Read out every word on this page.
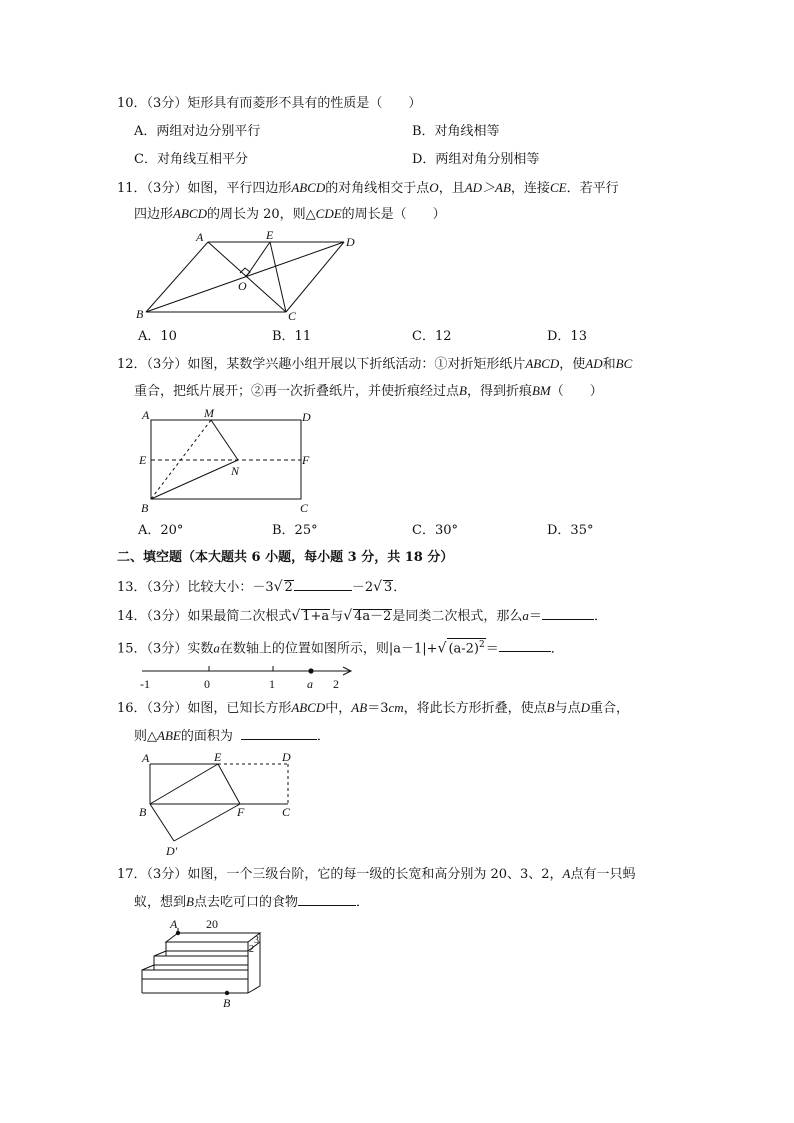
10．（3分）矩形具有而菱形不具有的性质是（　　）
A．两组对边分别平行	B．对角线相等
C．对角线互相平分	D．两组对角分别相等
11．（3分）如图，平行四边形ABCD的对角线相交于点O，且AD＞AB，连接CE．若平行
四边形ABCD的周长为 20，则△CDE的周长是（　　）
A	E	D
O
B	C
A．10	B．11	C．12	D．13
12．（3分）如图，某数学兴趣小组开展以下折纸活动：①对折矩形纸片ABCD，使AD和BC
重合，把纸片展开；②再一次折叠纸片，并使折痕经过点B，得到折痕BM（　　）
A	M	D
E	F
N
B	C
A．20°	B．25°	C．30°	D．35°
二、填空题（本大题共 6 小题，每小题 3 分，共 18 分）
13．（3分）比较大小：－3√ 2	－2√ 3．
14．（3分）如果最简二次根式√ 1+a与√ 4a－2是同类二次根式，那么a＝	．
15．（3分）实数a在数轴上的位置如图所示，则|a－1|+√ $(a-2)^2=$	．
-1	0	1	a 2
16．（3分）如图，已知长方形ABCD中，AB＝3cm，将此长方形折叠，使点B与点D重合，
则△ABE的面积为	．
A	E	D
B	F	C
D′
17．（3分）如图，一个三级台阶，它的每一级的长宽和高分别为 20、3、2，A点有一只蚂
蚁，想到B点去吃可口的食物	．
A 20
3
2
B
